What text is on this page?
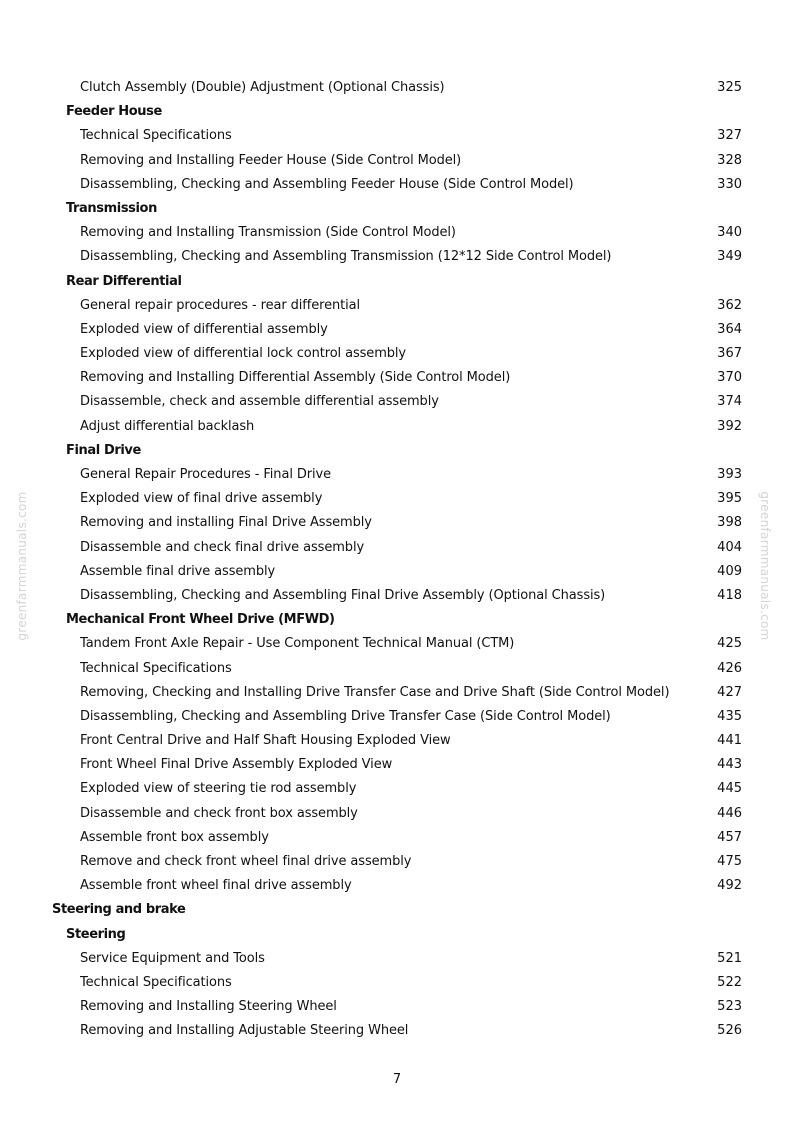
Clutch Assembly (Double) Adjustment (Optional Chassis)	325
Feeder House
Technical Specifications	327
Removing and Installing Feeder House (Side Control Model)	328
Disassembling, Checking and Assembling Feeder House (Side Control Model)	330
Transmission
Removing and Installing Transmission (Side Control Model)	340
Disassembling, Checking and Assembling Transmission (12*12 Side Control Model)	349
Rear Differential
General repair procedures - rear differential	362
Exploded view of differential assembly	364
Exploded view of differential lock control assembly	367
Removing and Installing Differential Assembly (Side Control Model)	370
Disassemble, check and assemble differential assembly	374
Adjust differential backlash	392
Final Drive
General Repair Procedures - Final Drive	393
Exploded view of final drive assembly	395
Removing and installing Final Drive Assembly	398
Disassemble and check final drive assembly	404
Assemble final drive assembly	409
Disassembling, Checking and Assembling Final Drive Assembly (Optional Chassis)	418
Mechanical Front Wheel Drive (MFWD)
Tandem Front Axle Repair - Use Component Technical Manual (CTM)	425
Technical Specifications	426
Removing, Checking and Installing Drive Transfer Case and Drive Shaft (Side Control Model)	427
Disassembling, Checking and Assembling Drive Transfer Case (Side Control Model)	435
Front Central Drive and Half Shaft Housing Exploded View	441
Front Wheel Final Drive Assembly Exploded View	443
Exploded view of steering tie rod assembly	445
Disassemble and check front box assembly	446
Assemble front box assembly	457
Remove and check front wheel final drive assembly	475
Assemble front wheel final drive assembly	492
Steering and brake
Steering
Service Equipment and Tools	521
Technical Specifications	522
Removing and Installing Steering Wheel	523
Removing and Installing Adjustable Steering Wheel	526
7
greenfarmmanuals.com	greenfarmmanuals.com
